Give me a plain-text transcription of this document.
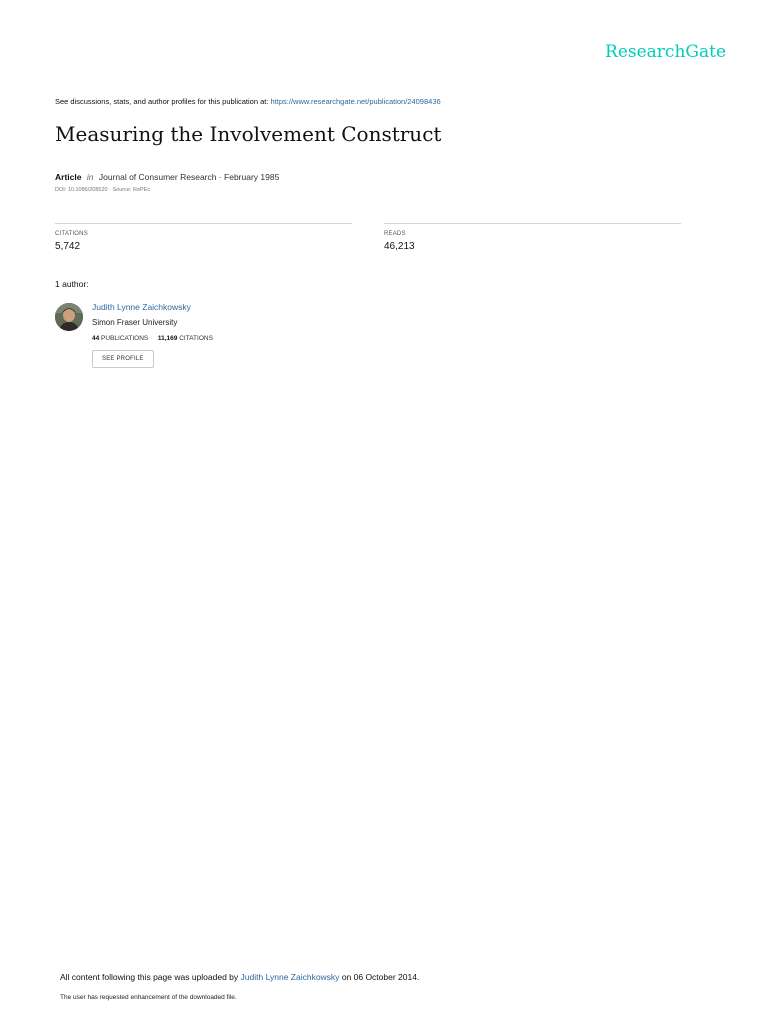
ResearchGate
See discussions, stats, and author profiles for this publication at: https://www.researchgate.net/publication/24098436
Measuring the Involvement Construct
Article in Journal of Consumer Research · February 1985
DOI: 10.1086/208520 · Source: RePEc
CITATIONS
5,742
READS
46,213
1 author:
Judith Lynne Zaichkowsky
Simon Fraser University
44 PUBLICATIONS 11,169 CITATIONS
SEE PROFILE
All content following this page was uploaded by Judith Lynne Zaichkowsky on 06 October 2014.
The user has requested enhancement of the downloaded file.
